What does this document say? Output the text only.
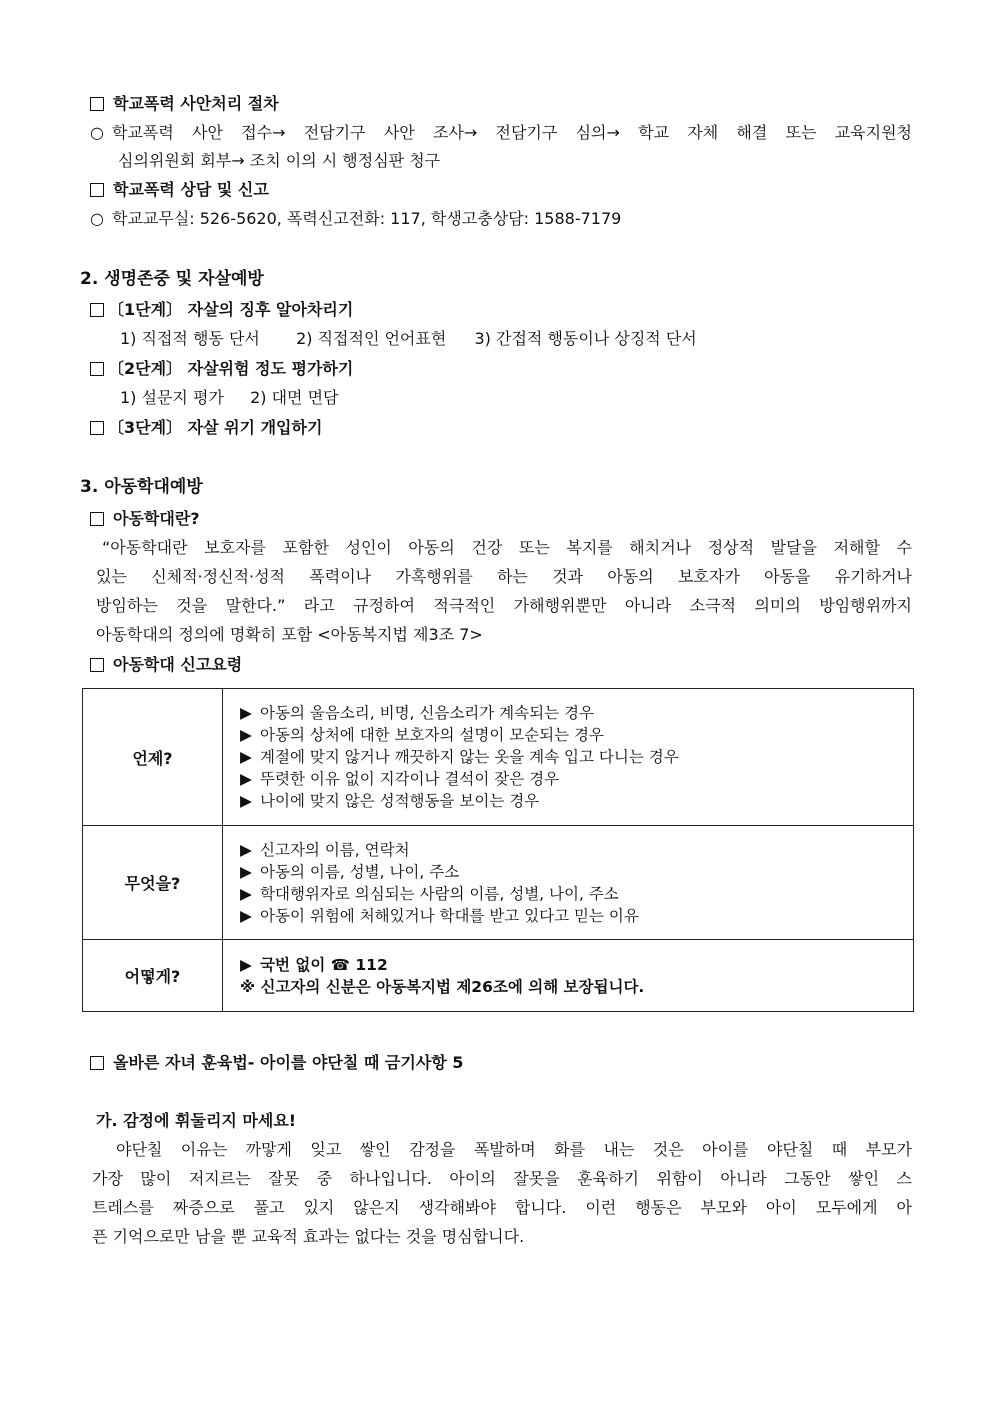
학교폭력 사안처리 절차
○ 학교폭력 사안 접수→ 전담기구 사안 조사→ 전담기구 심의→ 학교 자체 해결 또는 교육지원청
심의위원회 회부→ 조치 이의 시 행정심판 청구
학교폭력 상담 및 신고
○ 학교교무실: 526-5620, 폭력신고전화: 117, 학생고충상담: 1588-7179
2. 생명존중 및 자살예방
〔1단계〕 자살의 징후 알아차리기
1) 직접적 행동 단서 2) 직접적인 언어표현 3) 간접적 행동이나 상징적 단서
〔2단계〕 자살위험 정도 평가하기
1) 설문지 평가 2) 대면 면담
〔3단계〕 자살 위기 개입하기
3. 아동학대예방
아동학대란?
“아동학대란 보호자를 포함한 성인이 아동의 건강 또는 복지를 해치거나 정상적 발달을 저해할 수
있는 신체적·정신적·성적 폭력이나 가혹행위를 하는 것과 아동의 보호자가 아동을 유기하거나
방임하는 것을 말한다.” 라고 규정하여 적극적인 가해행위뿐만 아니라 소극적 의미의 방임행위까지
아동학대의 정의에 명확히 포함 <아동복지법 제3조 7>
아동학대 신고요령
언제?	▶ 아동의 울음소리, 비명, 신음소리가 계속되는 경우
▶ 아동의 상처에 대한 보호자의 설명이 모순되는 경우
▶ 계절에 맞지 않거나 깨끗하지 않는 옷을 계속 입고 다니는 경우
▶ 뚜렷한 이유 없이 지각이나 결석이 잦은 경우
▶ 나이에 맞지 않은 성적행동을 보이는 경우

무엇을?	▶ 신고자의 이름, 연락처
▶ 아동의 이름, 성별, 나이, 주소
▶ 학대행위자로 의심되는 사람의 이름, 성별, 나이, 주소
▶ 아동이 위험에 처해있거나 학대를 받고 있다고 믿는 이유

어떻게?	▶ 국번 없이 ☎ 112
※ 신고자의 신분은 아동복지법 제26조에 의해 보장됩니다.
올바른 자녀 훈육법- 아이를 야단칠 때 금기사항 5
가. 감정에 휘둘리지 마세요!
야단칠 이유는 까맣게 잊고 쌓인 감정을 폭발하며 화를 내는 것은 아이를 야단칠 때 부모가
가장 많이 저지르는 잘못 중 하나입니다. 아이의 잘못을 훈육하기 위함이 아니라 그동안 쌓인 스
트레스를 짜증으로 풀고 있지 않은지 생각해봐야 합니다. 이런 행동은 부모와 아이 모두에게 아
픈 기억으로만 남을 뿐 교육적 효과는 없다는 것을 명심합니다.
